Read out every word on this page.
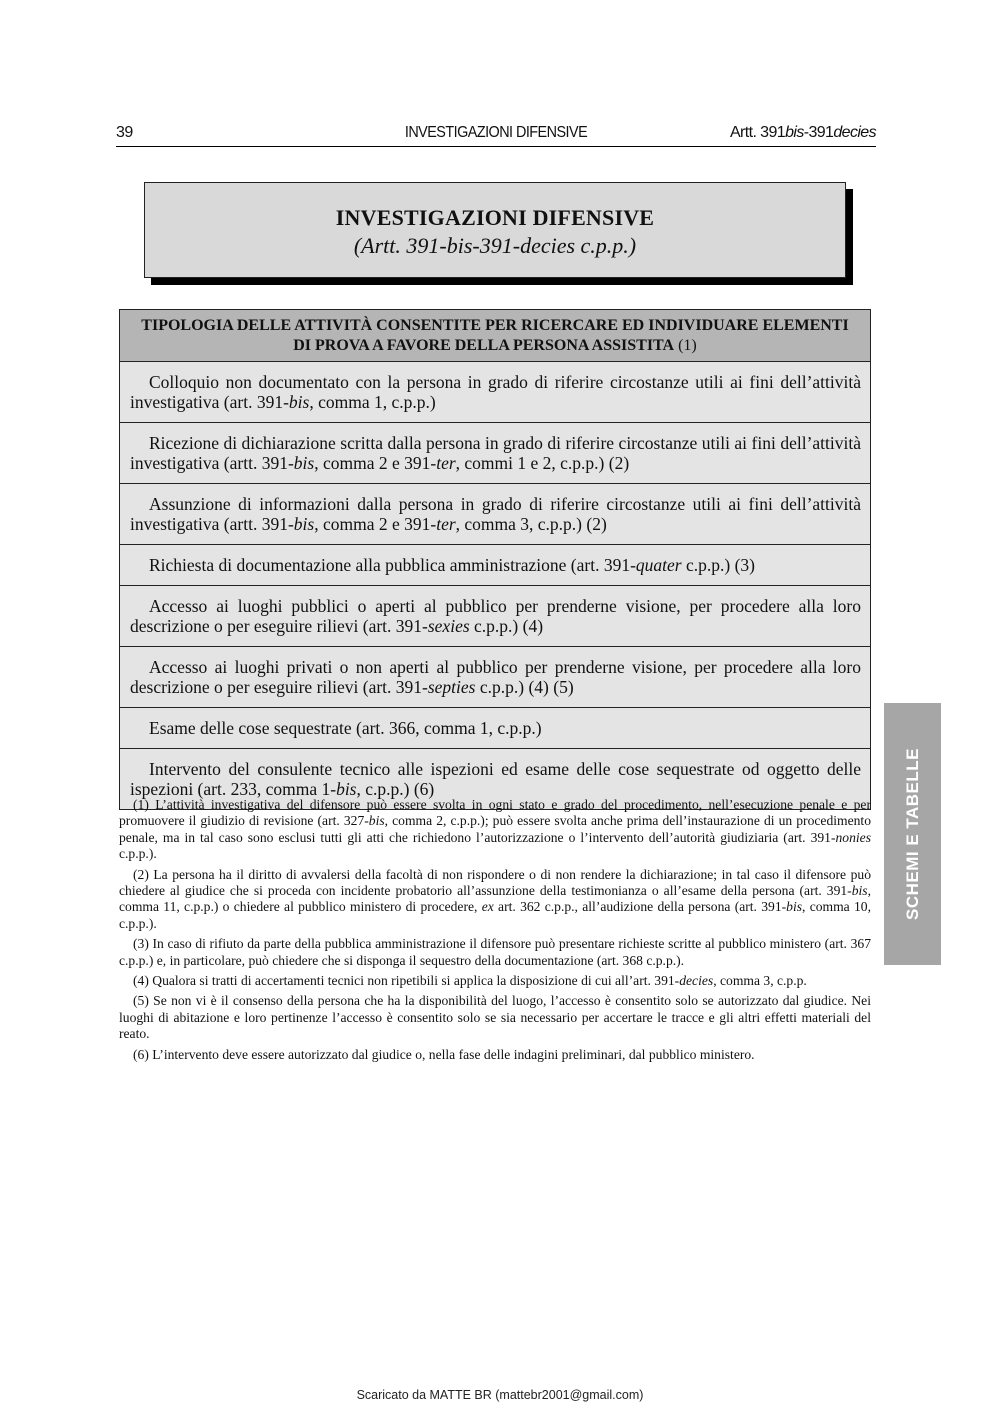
39	INVESTIGAZIONI DIFENSIVE	Artt. 391bis-391decies
INVESTIGAZIONI DIFENSIVE
(Artt. 391-bis-391-decies c.p.p.)
TIPOLOGIA DELLE ATTIVITÀ CONSENTITE PER RICERCARE ED INDIVIDUARE ELEMENTI DI PROVA A FAVORE DELLA PERSONA ASSISTITA (1)
Colloquio non documentato con la persona in grado di riferire circostanze utili ai fini dell’attività investigativa (art. 391-bis, comma 1, c.p.p.)
Ricezione di dichiarazione scritta dalla persona in grado di riferire circostanze utili ai fini dell’attività investigativa (artt. 391-bis, comma 2 e 391-ter, commi 1 e 2, c.p.p.) (2)
Assunzione di informazioni dalla persona in grado di riferire circostanze utili ai fini dell’attività investigativa (artt. 391-bis, comma 2 e 391-ter, comma 3, c.p.p.) (2)
Richiesta di documentazione alla pubblica amministrazione (art. 391-quater c.p.p.) (3)
Accesso ai luoghi pubblici o aperti al pubblico per prenderne visione, per procedere alla loro descrizione o per eseguire rilievi (art. 391-sexies c.p.p.) (4)
Accesso ai luoghi privati o non aperti al pubblico per prenderne visione, per procedere alla loro descrizione o per eseguire rilievi (art. 391-septies c.p.p.) (4) (5)
Esame delle cose sequestrate (art. 366, comma 1, c.p.p.)
Intervento del consulente tecnico alle ispezioni ed esame delle cose sequestrate od oggetto delle ispezioni (art. 233, comma 1-bis, c.p.p.) (6)

(1) L’attività investigativa del difensore può essere svolta in ogni stato e grado del procedimento, nell’esecuzione penale e per promuovere il giudizio di revisione (art. 327-bis, comma 2, c.p.p.); può essere svolta anche prima dell’instaurazione di un procedimento penale, ma in tal caso sono esclusi tutti gli atti che richiedono l’autorizzazione o l’intervento dell’autorità giudiziaria (art. 391-nonies c.p.p.).

(2) La persona ha il diritto di avvalersi della facoltà di non rispondere o di non rendere la dichiarazione; in tal caso il difensore può chiedere al giudice che si proceda con incidente probatorio all’assunzione della testimonianza o all’esame della persona (art. 391-bis, comma 11, c.p.p.) o chiedere al pubblico ministero di procedere, ex art. 362 c.p.p., all’audizione della persona (art. 391-bis, comma 10, c.p.p.).

(3) In caso di rifiuto da parte della pubblica amministrazione il difensore può presentare richieste scritte al pubblico ministero (art. 367 c.p.p.) e, in particolare, può chiedere che si disponga il sequestro della documentazione (art. 368 c.p.p.).

(4) Qualora si tratti di accertamenti tecnici non ripetibili si applica la disposizione di cui all’art. 391-decies, comma 3, c.p.p.

(5) Se non vi è il consenso della persona che ha la disponibilità del luogo, l’accesso è consentito solo se autorizzato dal giudice. Nei luoghi di abitazione e loro pertinenze l’accesso è consentito solo se sia necessario per accertare le tracce e gli altri effetti materiali del reato.

(6) L’intervento deve essere autorizzato dal giudice o, nella fase delle indagini preliminari, dal pubblico ministero.

SCHEMI E TABELLE
Scaricato da MATTE BR (mattebr2001@gmail.com)
